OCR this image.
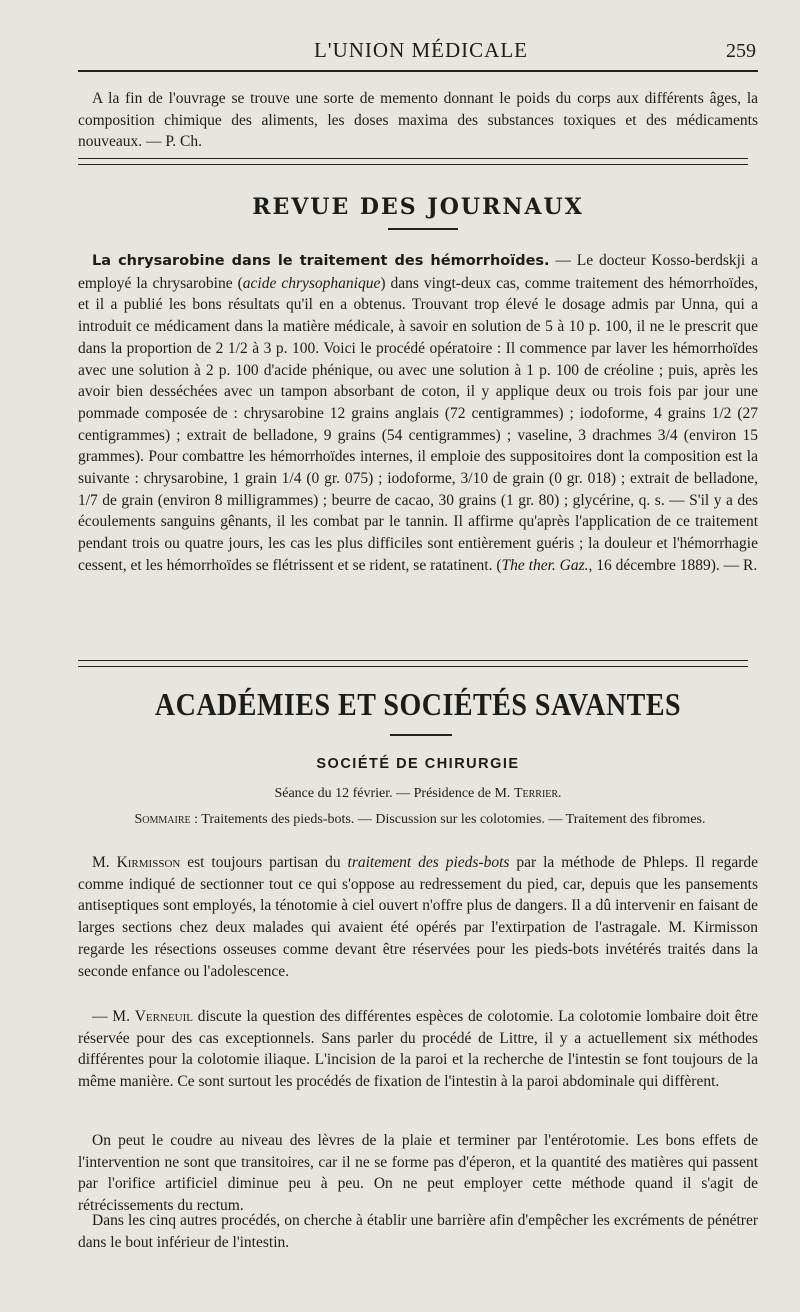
L'UNION MÉDICALE	259

A la fin de l'ouvrage se trouve une sorte de memento donnant le poids du corps aux différents âges, la composition chimique des aliments, les doses maxima des substances toxiques et des médicaments nouveaux. — P. Ch.

REVUE DES JOURNAUX

La chrysarobine dans le traitement des hémorrhoïdes. — Le docteur Kosso-berdskji a employé la chrysarobine (acide chrysophanique) dans vingt-deux cas, comme traitement des hémorrhoïdes, et il a publié les bons résultats qu'il en a obtenus. Trouvant trop élevé le dosage admis par Unna, qui a introduit ce médicament dans la matière médicale, à savoir en solution de 5 à 10 p. 100, il ne le prescrit que dans la proportion de 2 1/2 à 3 p. 100. Voici le procédé opératoire : Il commence par laver les hémorrhoïdes avec une solution à 2 p. 100 d'acide phénique, ou avec une solution à 1 p. 100 de créoline ; puis, après les avoir bien desséchées avec un tampon absorbant de coton, il y applique deux ou trois fois par jour une pommade composée de : chrysarobine 12 grains anglais (72 centigrammes) ; iodoforme, 4 grains 1/2 (27 centigrammes) ; extrait de belladone, 9 grains (54 centigrammes) ; vaseline, 3 drachmes 3/4 (environ 15 grammes). Pour combattre les hémorrhoïdes internes, il emploie des suppositoires dont la composition est la suivante : chrysarobine, 1 grain 1/4 (0 gr. 075) ; iodoforme, 3/10 de grain (0 gr. 018) ; extrait de belladone, 1/7 de grain (environ 8 milligrammes) ; beurre de cacao, 30 grains (1 gr. 80) ; glycérine, q. s. — S'il y a des écoulements sanguins gênants, il les combat par le tannin. Il affirme qu'après l'application de ce traitement pendant trois ou quatre jours, les cas les plus difficiles sont entièrement guéris ; la douleur et l'hémorrhagie cessent, et les hémorrhoïdes se flétrissent et se rident, se ratatinent. (The ther. Gaz., 16 décembre 1889). — R.

ACADÉMIES ET SOCIÉTÉS SAVANTES
SOCIÉTÉ DE CHIRURGIE
Séance du 12 février. — Présidence de M. Terrier.
Sommaire : Traitements des pieds-bots. — Discussion sur les colotomies. — Traitement des fibromes.

M. Kirmisson est toujours partisan du traitement des pieds-bots par la méthode de Phleps. Il regarde comme indiqué de sectionner tout ce qui s'oppose au redressement du pied, car, depuis que les pansements antiseptiques sont employés, la ténotomie à ciel ouvert n'offre plus de dangers. Il a dû intervenir en faisant de larges sections chez deux malades qui avaient été opérés par l'extirpation de l'astragale. M. Kirmisson regarde les résections osseuses comme devant être réservées pour les pieds-bots invétérés traités dans la seconde enfance ou l'adolescence.

— M. Verneuil discute la question des différentes espèces de colotomie. La colotomie lombaire doit être réservée pour des cas exceptionnels. Sans parler du procédé de Littre, il y a actuellement six méthodes différentes pour la colotomie iliaque. L'incision de la paroi et la recherche de l'intestin se font toujours de la même manière. Ce sont surtout les procédés de fixation de l'intestin à la paroi abdominale qui diffèrent.

On peut le coudre au niveau des lèvres de la plaie et terminer par l'entérotomie. Les bons effets de l'intervention ne sont que transitoires, car il ne se forme pas d'éperon, et la quantité des matières qui passent par l'orifice artificiel diminue peu à peu. On ne peut employer cette méthode quand il s'agit de rétrécissements du rectum.

Dans les cinq autres procédés, on cherche à établir une barrière afin d'empêcher les excréments de pénétrer dans le bout inférieur de l'intestin.
